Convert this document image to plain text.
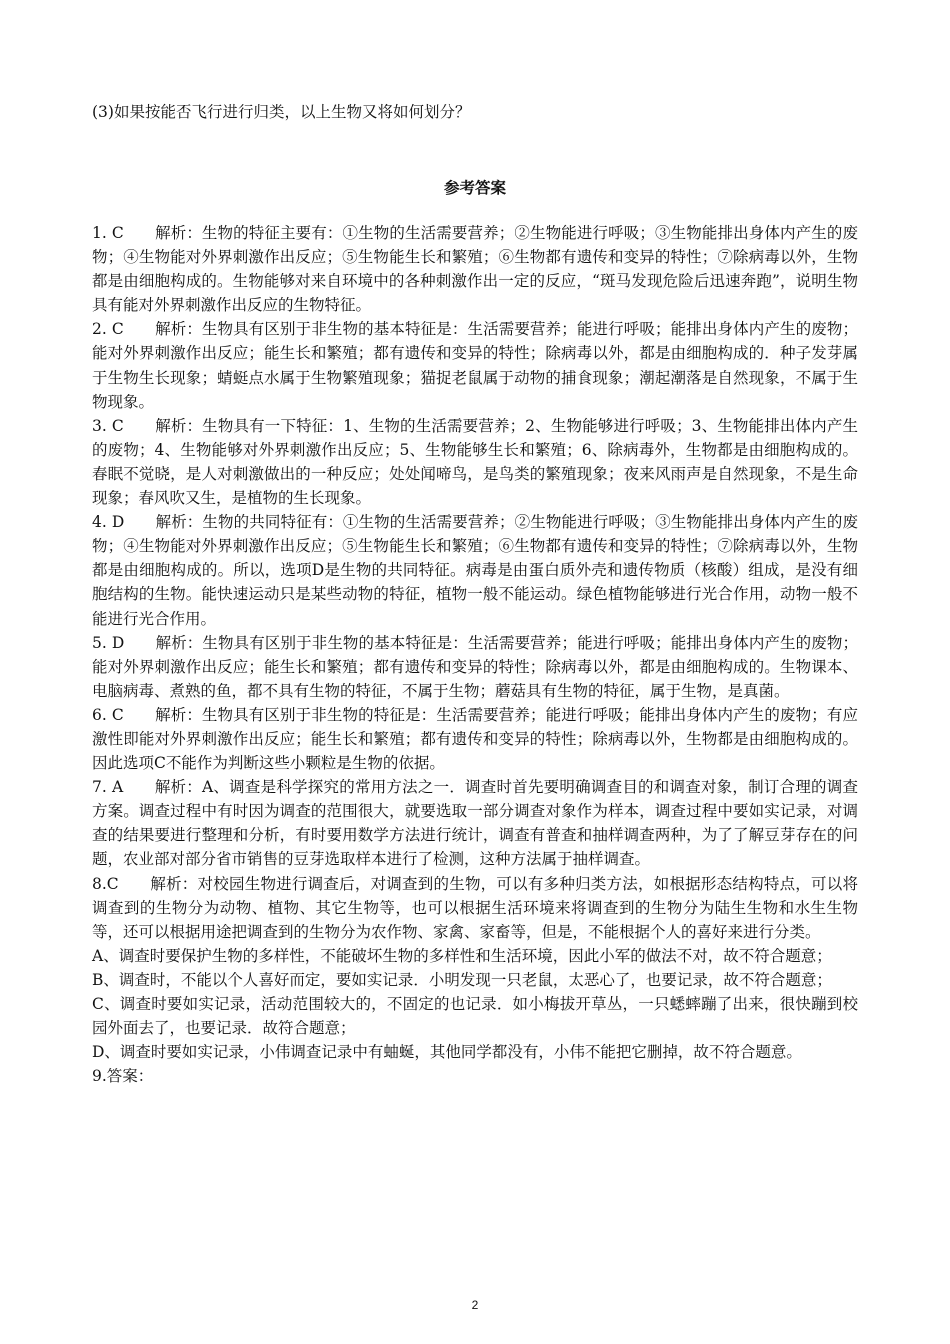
(3)如果按能否飞行进行归类，以上生物又将如何划分？
参考答案

1. C　　解析：生物的特征主要有：①生物的生活需要营养；②生物能进行呼吸；③生物能排出身体内产生的废物；④生物能对外界刺激作出反应；⑤生物能生长和繁殖；⑥生物都有遗传和变异的特性；⑦除病毒以外，生物都是由细胞构成的。生物能够对来自环境中的各种刺激作出一定的反应，“斑马发现危险后迅速奔跑”，说明生物具有能对外界刺激作出反应的生物特征。

2. C　　解析：生物具有区别于非生物的基本特征是：生活需要营养；能进行呼吸；能排出身体内产生的废物；能对外界刺激作出反应；能生长和繁殖；都有遗传和变异的特性；除病毒以外，都是由细胞构成的．种子发芽属于生物生长现象；蜻蜓点水属于生物繁殖现象；猫捉老鼠属于动物的捕食现象；潮起潮落是自然现象，不属于生物现象。

3. C　　解析：生物具有一下特征：1、生物的生活需要营养；2、生物能够进行呼吸；3、生物能排出体内产生的废物；4、生物能够对外界刺激作出反应；5、生物能够生长和繁殖；6、除病毒外，生物都是由细胞构成的。春眠不觉晓，是人对刺激做出的一种反应；处处闻啼鸟，是鸟类的繁殖现象；夜来风雨声是自然现象，不是生命现象；春风吹又生，是植物的生长现象。

4. D　　解析：生物的共同特征有：①生物的生活需要营养；②生物能进行呼吸；③生物能排出身体内产生的废物；④生物能对外界刺激作出反应；⑤生物能生长和繁殖；⑥生物都有遗传和变异的特性；⑦除病毒以外，生物都是由细胞构成的。所以，选项D是生物的共同特征。病毒是由蛋白质外壳和遗传物质（核酸）组成，是没有细胞结构的生物。能快速运动只是某些动物的特征，植物一般不能运动。绿色植物能够进行光合作用，动物一般不能进行光合作用。

5. D　　解析：生物具有区别于非生物的基本特征是：生活需要营养；能进行呼吸；能排出身体内产生的废物；能对外界刺激作出反应；能生长和繁殖；都有遗传和变异的特性；除病毒以外，都是由细胞构成的。生物课本、电脑病毒、煮熟的鱼，都不具有生物的特征，不属于生物；蘑菇具有生物的特征，属于生物，是真菌。

6. C　　解析：生物具有区别于非生物的特征是：生活需要营养；能进行呼吸；能排出身体内产生的废物；有应激性即能对外界刺激作出反应；能生长和繁殖；都有遗传和变异的特性；除病毒以外，生物都是由细胞构成的。因此选项C不能作为判断这些小颗粒是生物的依据。

7. A　　解析：A、调查是科学探究的常用方法之一．调查时首先要明确调查目的和调查对象，制订合理的调查方案。调查过程中有时因为调查的范围很大，就要选取一部分调查对象作为样本，调查过程中要如实记录，对调查的结果要进行整理和分析，有时要用数学方法进行统计，调查有普查和抽样调查两种，为了了解豆芽存在的问题，农业部对部分省市销售的豆芽选取样本进行了检测，这种方法属于抽样调查。

8.C　　解析：对校园生物进行调查后，对调查到的生物，可以有多种归类方法，如根据形态结构特点，可以将调查到的生物分为动物、植物、其它生物等，也可以根据生活环境来将调查到的生物分为陆生生物和水生生物等，还可以根据用途把调查到的生物分为农作物、家禽、家畜等，但是，不能根据个人的喜好来进行分类。

A、调查时要保护生物的多样性，不能破坏生物的多样性和生活环境，因此小军的做法不对，故不符合题意；

B、调查时，不能以个人喜好而定，要如实记录．小明发现一只老鼠，太恶心了，也要记录，故不符合题意；

C、调查时要如实记录，活动范围较大的，不固定的也记录．如小梅拔开草丛，一只蟋蟀蹦了出来，很快蹦到校园外面去了，也要记录．故符合题意；

D、调查时要如实记录，小伟调查记录中有蚰蜒，其他同学都没有，小伟不能把它删掉，故不符合题意。

9.答案：

2
